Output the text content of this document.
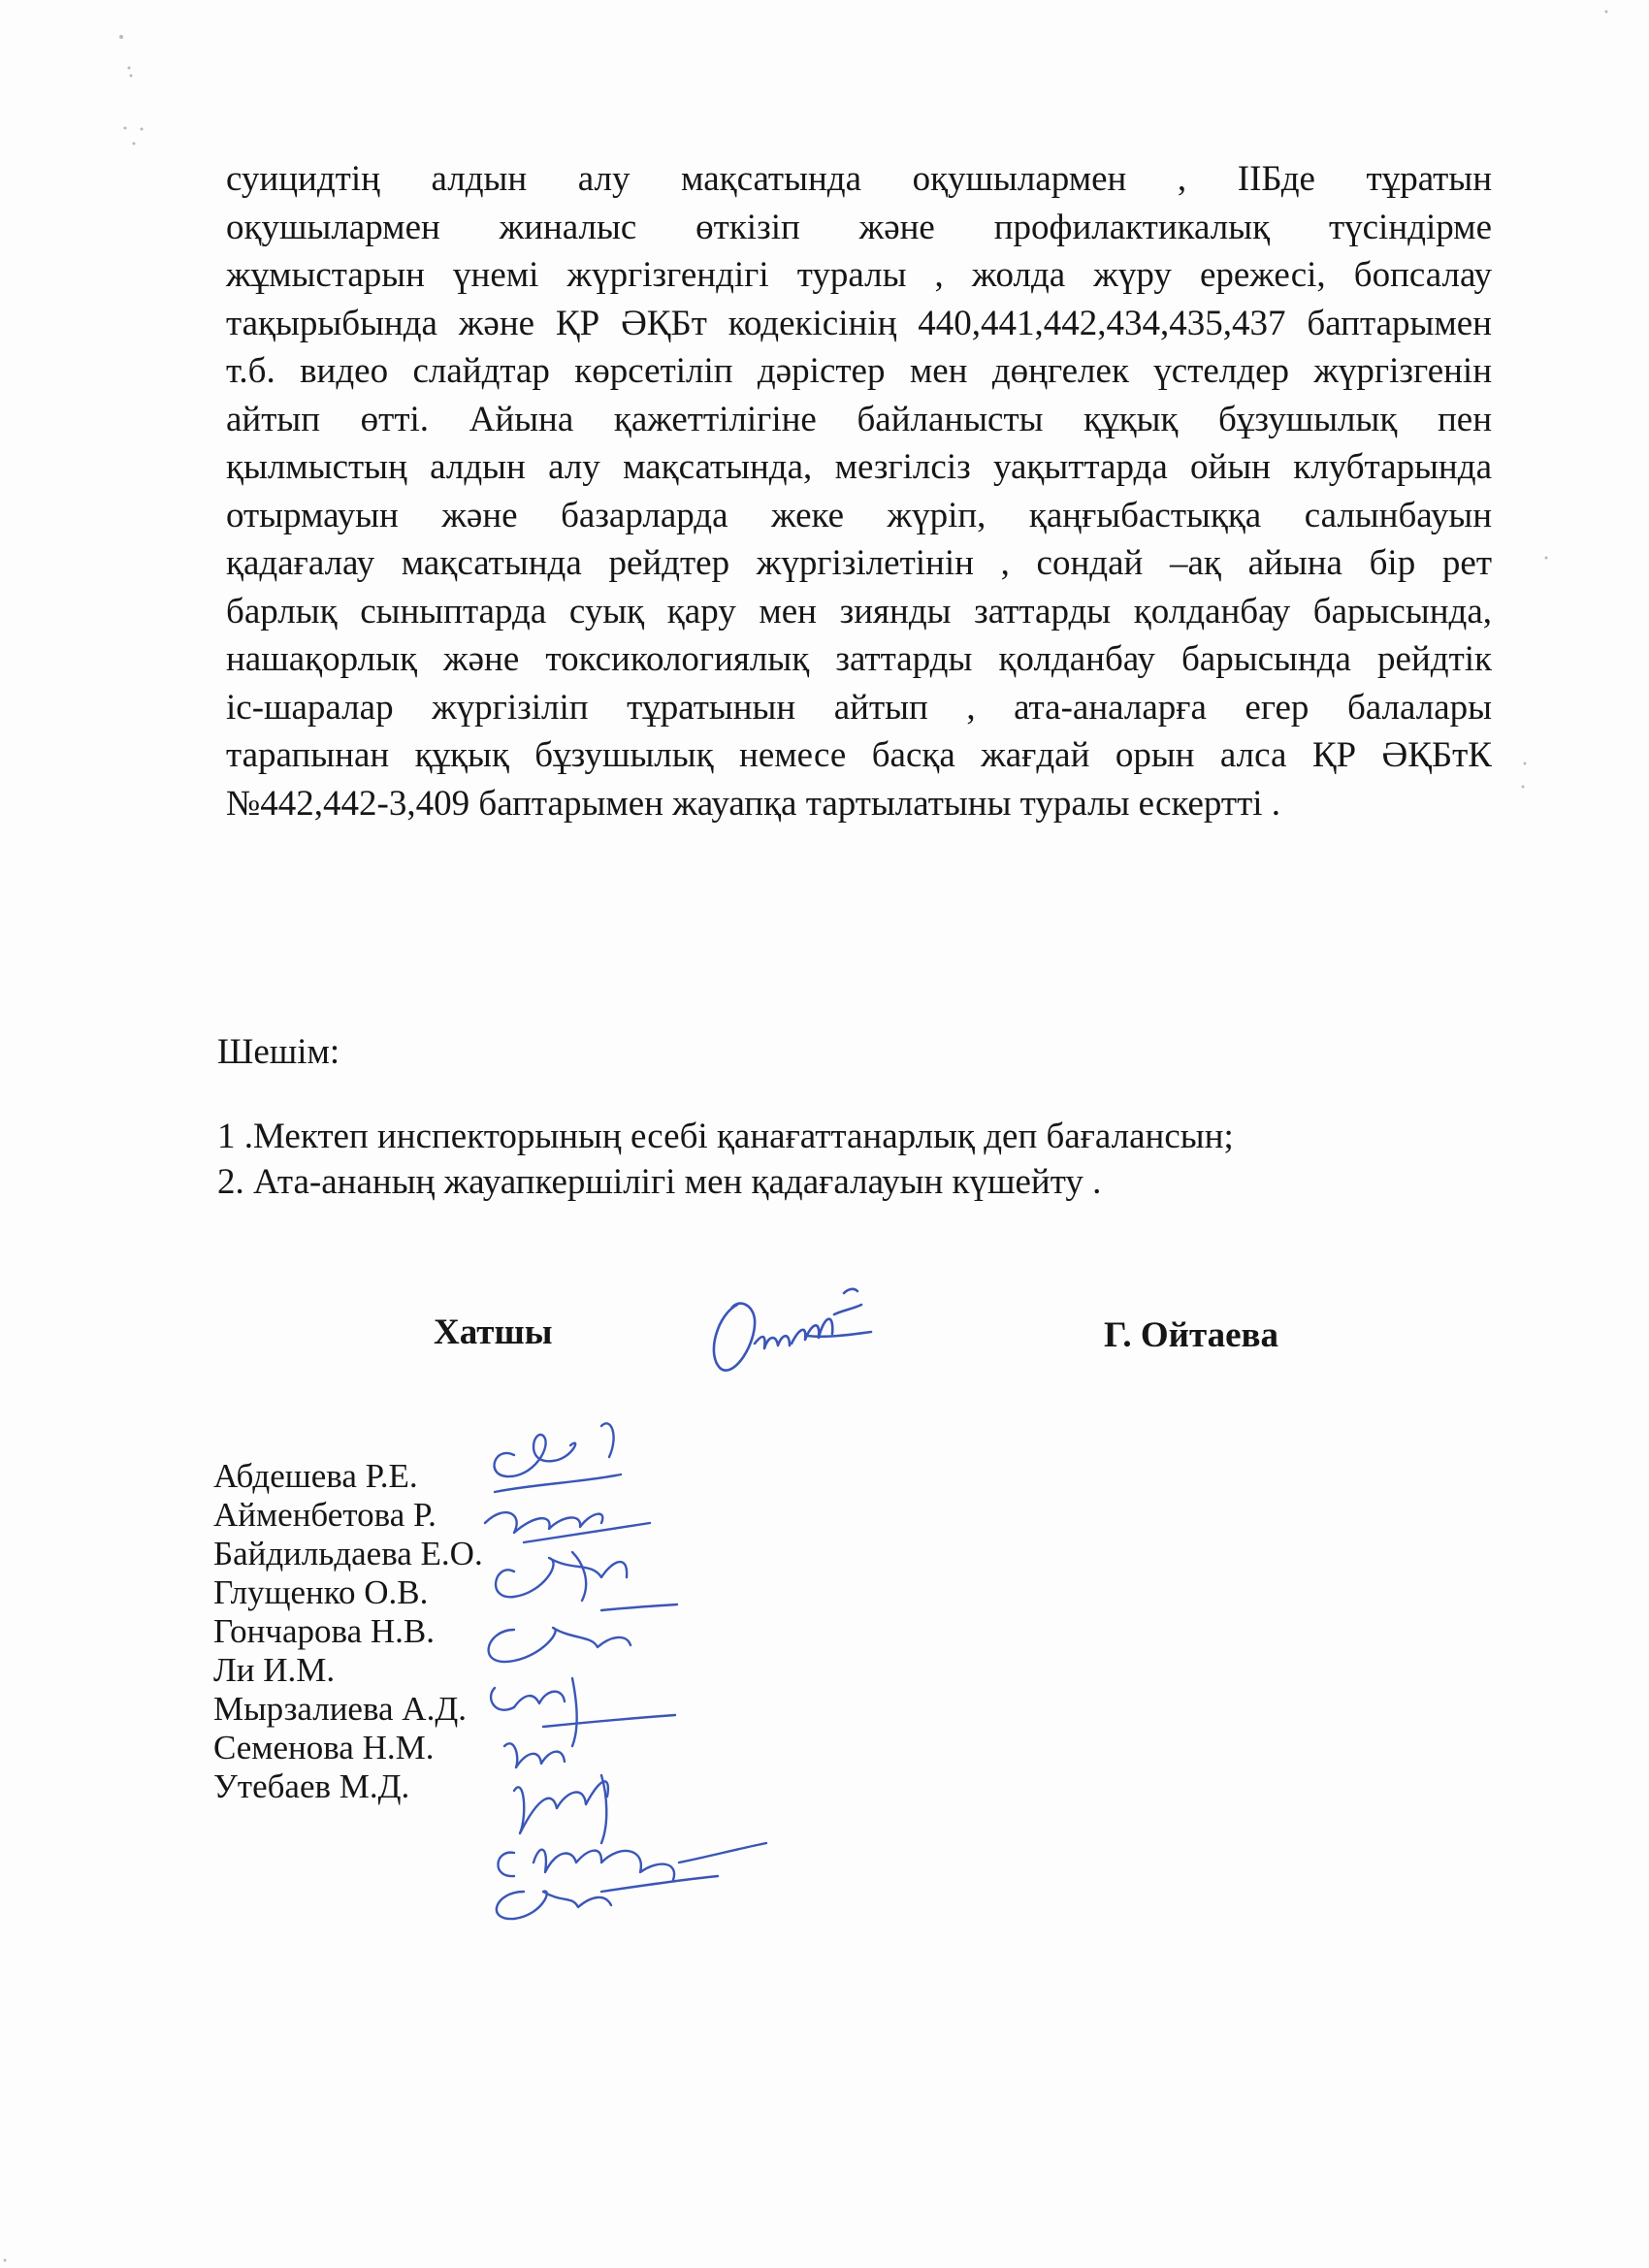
суицидтің алдын алу мақсатында оқушылармен , ІІБде тұратын
оқушылармен жиналыс өткізіп және профилактикалық түсіндірме
жұмыстарын үнемі жүргізгендігі туралы , жолда жүру ережесі, бопсалау
тақырыбында және ҚР ӘҚБт кодекісінің 440,441,442,434,435,437 баптарымен
т.б. видео слайдтар көрсетіліп дәрістер мен дөңгелек үстелдер жүргізгенін
айтып өтті. Айына қажеттілігіне байланысты құқық бұзушылық пен
қылмыстың алдын алу мақсатында, мезгілсіз уақыттарда ойын клубтарында
отырмауын және базарларда жеке жүріп, қаңғыбастыққа салынбауын
қадағалау мақсатында рейдтер жүргізілетінін , сондай –ақ айына бір рет
барлық сыныптарда суық қару мен зиянды заттарды қолданбау барысында,
нашақорлық және токсикологиялық заттарды қолданбау барысында рейдтік
іс-шаралар жүргізіліп тұратынын айтып , ата-аналарға егер балалары
тарапынан құқық бұзушылық немесе басқа жағдай орын алса ҚР ӘҚБтК
№442,442-3,409 баптарымен жауапқа тартылатыны туралы ескертті .
Шешім:
1 .Мектеп инспекторының есебі қанағаттанарлық деп бағалансын;
2. Ата-ананың жауапкершілігі мен қадағалауын күшейту .
Хатшы	Г. Ойтаева
Абдешева Р.Е.
Айменбетова Р.
Байдильдаева Е.О.
Глущенко О.В.
Гончарова Н.В.
Ли И.М.
Мырзалиева А.Д.
Семенова Н.М.
Утебаев М.Д.
